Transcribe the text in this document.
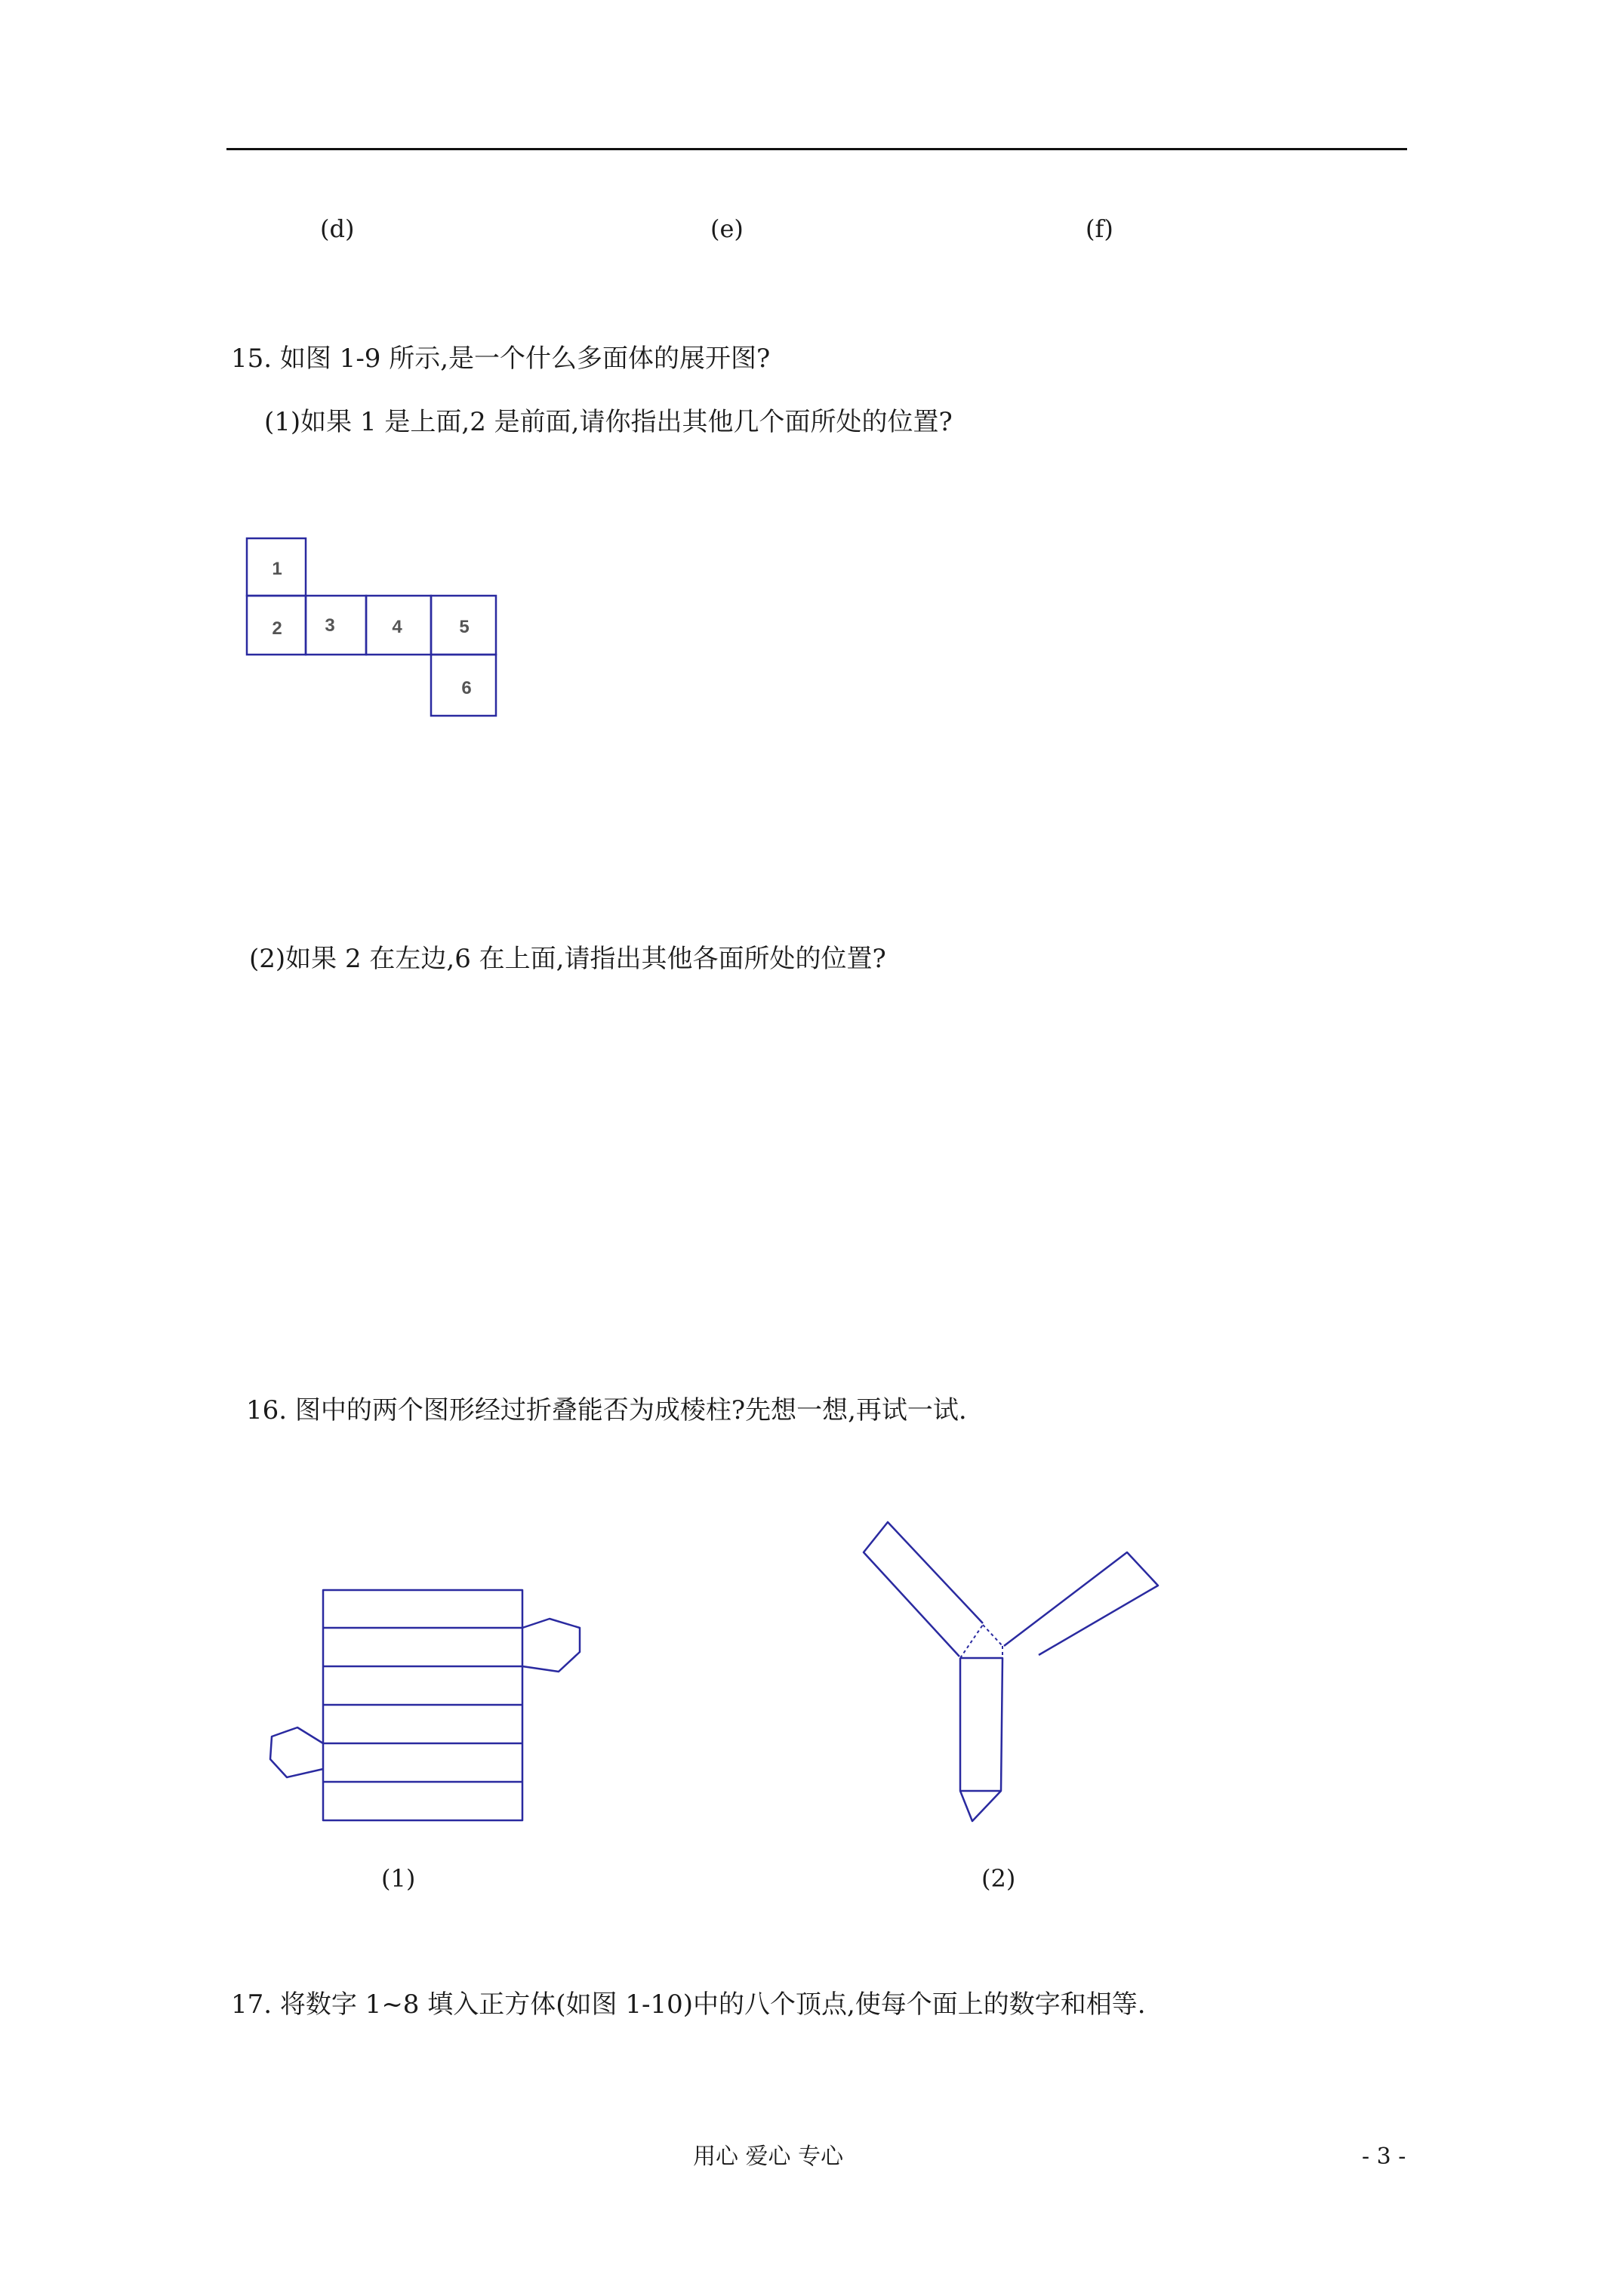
(d)	(e)	(f)
15. 如图 1-9 所示,是一个什么多面体的展开图?
(1)如果 1 是上面,2 是前面,请你指出其他几个面所处的位置?
1
2 3	4	5
6
(2)如果 2 在左边,6 在上面,请指出其他各面所处的位置?
16. 图中的两个图形经过折叠能否为成棱柱?先想一想,再试一试.
(1)	(2)
17. 将数字 1~8 填入正方体(如图 1-10)中的八个顶点,使每个面上的数字和相等.
用心 爱心 专心	- 3 -
